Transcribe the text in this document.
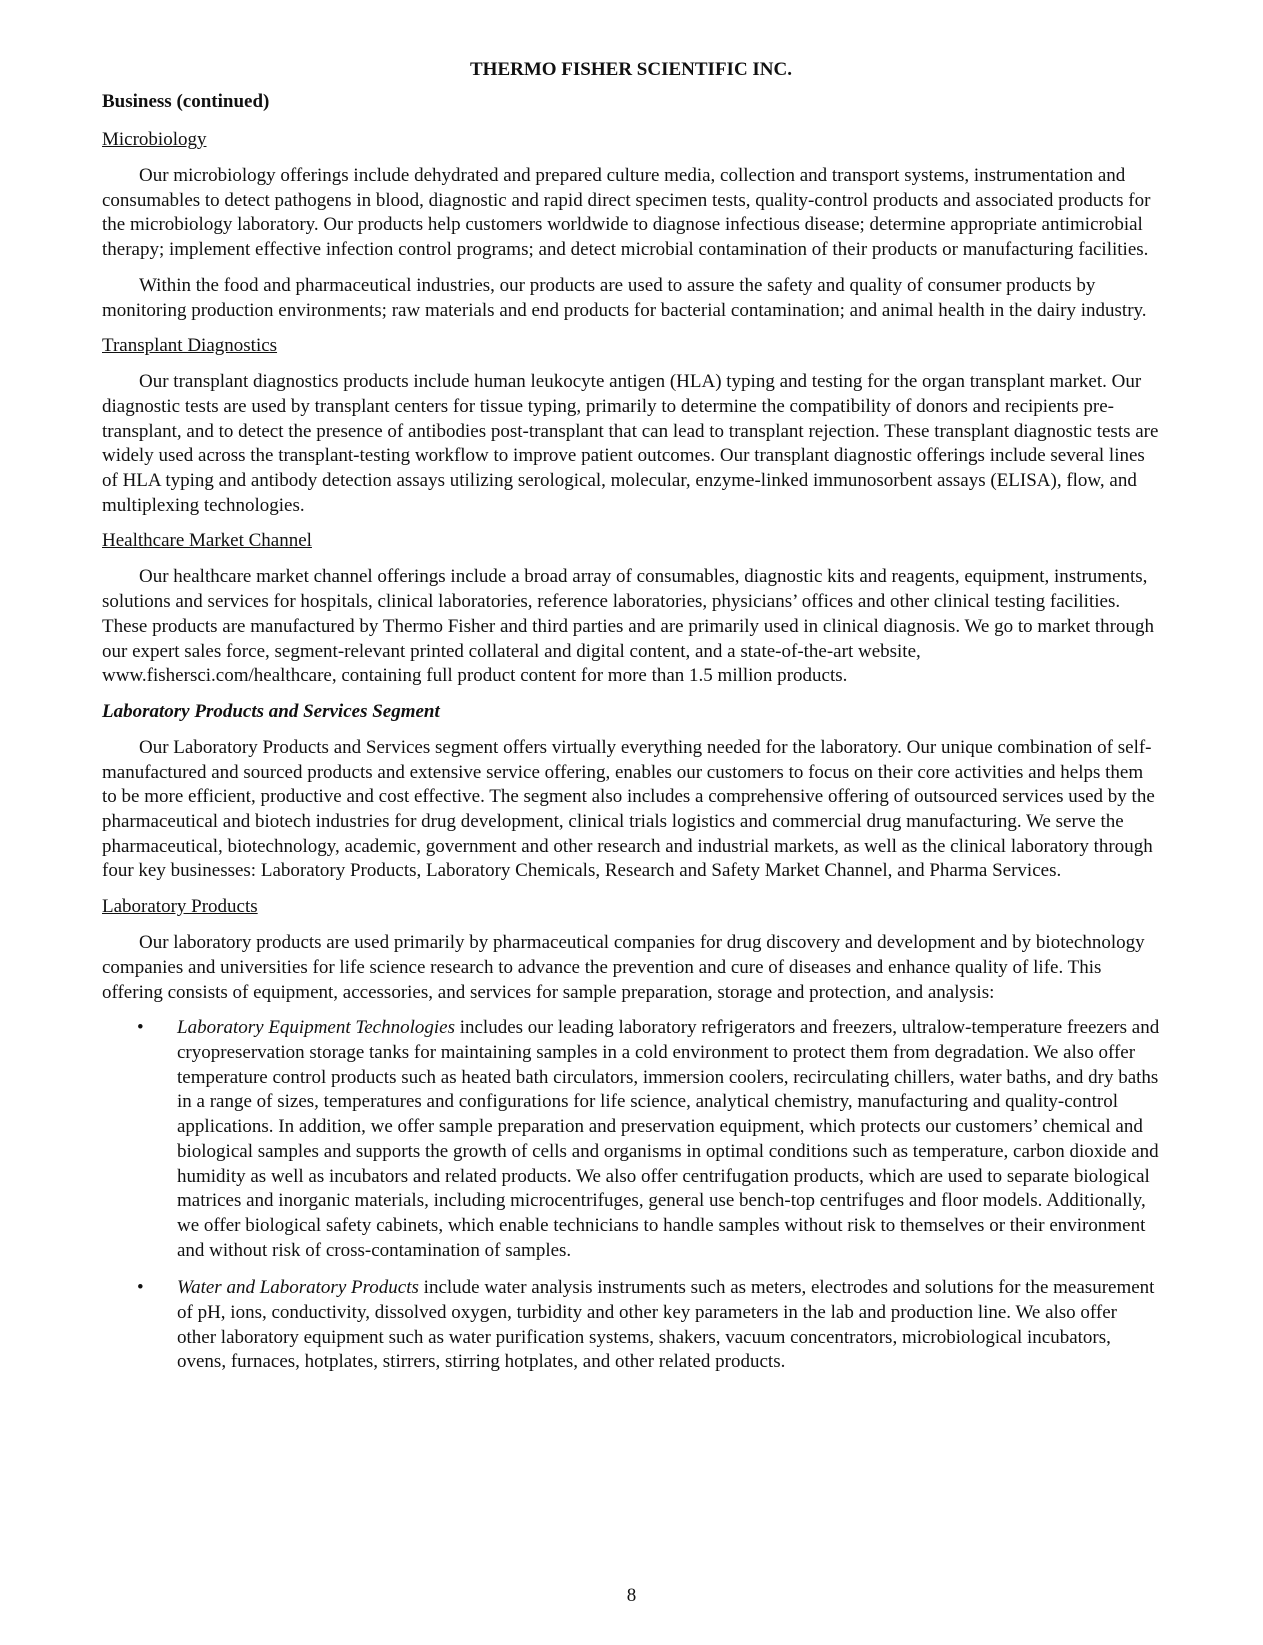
THERMO FISHER SCIENTIFIC INC.
Business (continued)
Microbiology

Our microbiology offerings include dehydrated and prepared culture media, collection and transport systems, instrumentation and consumables to detect pathogens in blood, diagnostic and rapid direct specimen tests, quality-control products and associated products for the microbiology laboratory. Our products help customers worldwide to diagnose infectious disease; determine appropriate antimicrobial therapy; implement effective infection control programs; and detect microbial contamination of their products or manufacturing facilities.

Within the food and pharmaceutical industries, our products are used to assure the safety and quality of consumer products by monitoring production environments; raw materials and end products for bacterial contamination; and animal health in the dairy industry.

Transplant Diagnostics

Our transplant diagnostics products include human leukocyte antigen (HLA) typing and testing for the organ transplant market. Our diagnostic tests are used by transplant centers for tissue typing, primarily to determine the compatibility of donors and recipients pre-transplant, and to detect the presence of antibodies post-transplant that can lead to transplant rejection. These transplant diagnostic tests are widely used across the transplant-testing workflow to improve patient outcomes. Our transplant diagnostic offerings include several lines of HLA typing and antibody detection assays utilizing serological, molecular, enzyme-linked immunosorbent assays (ELISA), flow, and multiplexing technologies.

Healthcare Market Channel

Our healthcare market channel offerings include a broad array of consumables, diagnostic kits and reagents, equipment, instruments, solutions and services for hospitals, clinical laboratories, reference laboratories, physicians’ offices and other clinical testing facilities. These products are manufactured by Thermo Fisher and third parties and are primarily used in clinical diagnosis. We go to market through our expert sales force, segment-relevant printed collateral and digital content, and a state-of-the-art website, www.fishersci.com/healthcare, containing full product content for more than 1.5 million products.

Laboratory Products and Services Segment

Our Laboratory Products and Services segment offers virtually everything needed for the laboratory. Our unique combination of self-manufactured and sourced products and extensive service offering, enables our customers to focus on their core activities and helps them to be more efficient, productive and cost effective. The segment also includes a comprehensive offering of outsourced services used by the pharmaceutical and biotech industries for drug development, clinical trials logistics and commercial drug manufacturing. We serve the pharmaceutical, biotechnology, academic, government and other research and industrial markets, as well as the clinical laboratory through four key businesses: Laboratory Products, Laboratory Chemicals, Research and Safety Market Channel, and Pharma Services.

Laboratory Products

Our laboratory products are used primarily by pharmaceutical companies for drug discovery and development and by biotechnology companies and universities for life science research to advance the prevention and cure of diseases and enhance quality of life. This offering consists of equipment, accessories, and services for sample preparation, storage and protection, and analysis:

• Laboratory Equipment Technologies includes our leading laboratory refrigerators and freezers, ultralow-temperature freezers and cryopreservation storage tanks for maintaining samples in a cold environment to protect them from degradation. We also offer temperature control products such as heated bath circulators, immersion coolers, recirculating chillers, water baths, and dry baths in a range of sizes, temperatures and configurations for life science, analytical chemistry, manufacturing and quality-control applications. In addition, we offer sample preparation and preservation equipment, which protects our customers’ chemical and biological samples and supports the growth of cells and organisms in optimal conditions such as temperature, carbon dioxide and humidity as well as incubators and related products. We also offer centrifugation products, which are used to separate biological matrices and inorganic materials, including microcentrifuges, general use bench-top centrifuges and floor models. Additionally, we offer biological safety cabinets, which enable technicians to handle samples without risk to themselves or their environment and without risk of cross-contamination of samples.
• Water and Laboratory Products include water analysis instruments such as meters, electrodes and solutions for the measurement of pH, ions, conductivity, dissolved oxygen, turbidity and other key parameters in the lab and production line. We also offer other laboratory equipment such as water purification systems, shakers, vacuum concentrators, microbiological incubators, ovens, furnaces, hotplates, stirrers, stirring hotplates, and other related products.
8
